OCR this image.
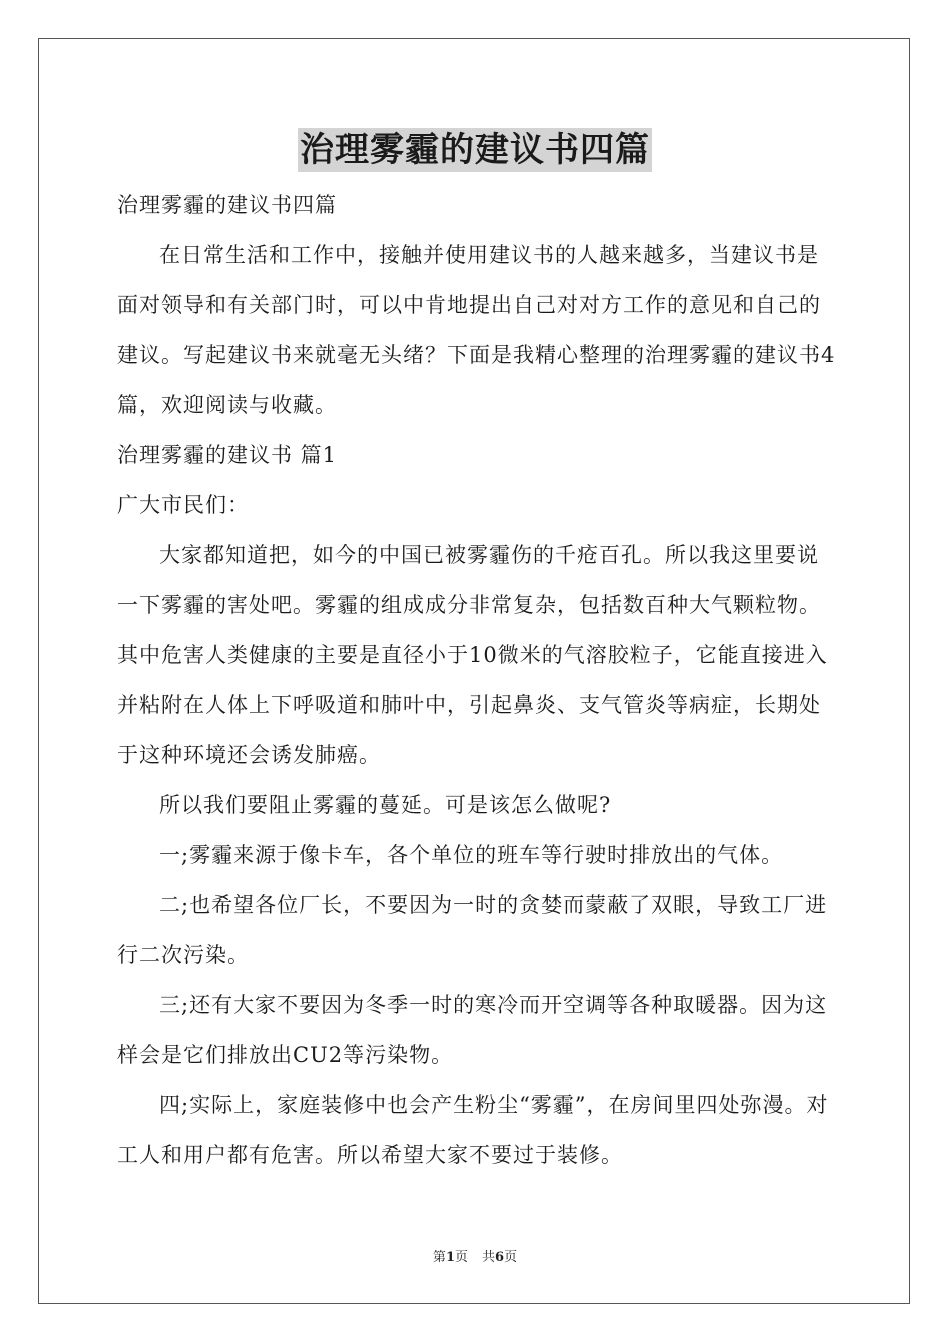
治理雾霾的建议书四篇

治理雾霾的建议书四篇

在日常生活和工作中，接触并使用建议书的人越来越多，当建议书是面对领导和有关部门时，可以中肯地提出自己对对方工作的意见和自己的建议。写起建议书来就毫无头绪？下面是我精心整理的治理雾霾的建议书4篇，欢迎阅读与收藏。

治理雾霾的建议书 篇1

广大市民们：

大家都知道把，如今的中国已被雾霾伤的千疮百孔。所以我这里要说一下雾霾的害处吧。雾霾的组成成分非常复杂，包括数百种大气颗粒物。其中危害人类健康的主要是直径小于10微米的气溶胶粒子，它能直接进入并粘附在人体上下呼吸道和肺叶中，引起鼻炎、支气管炎等病症，长期处于这种环境还会诱发肺癌。

所以我们要阻止雾霾的蔓延。可是该怎么做呢?

一;雾霾来源于像卡车，各个单位的班车等行驶时排放出的气体。

二;也希望各位厂长，不要因为一时的贪婪而蒙蔽了双眼，导致工厂进行二次污染。

三;还有大家不要因为冬季一时的寒冷而开空调等各种取暖器。因为这样会是它们排放出CU2等污染物。

四;实际上，家庭装修中也会产生粉尘“雾霾”，在房间里四处弥漫。对工人和用户都有危害。所以希望大家不要过于装修。

第1页 共6页
